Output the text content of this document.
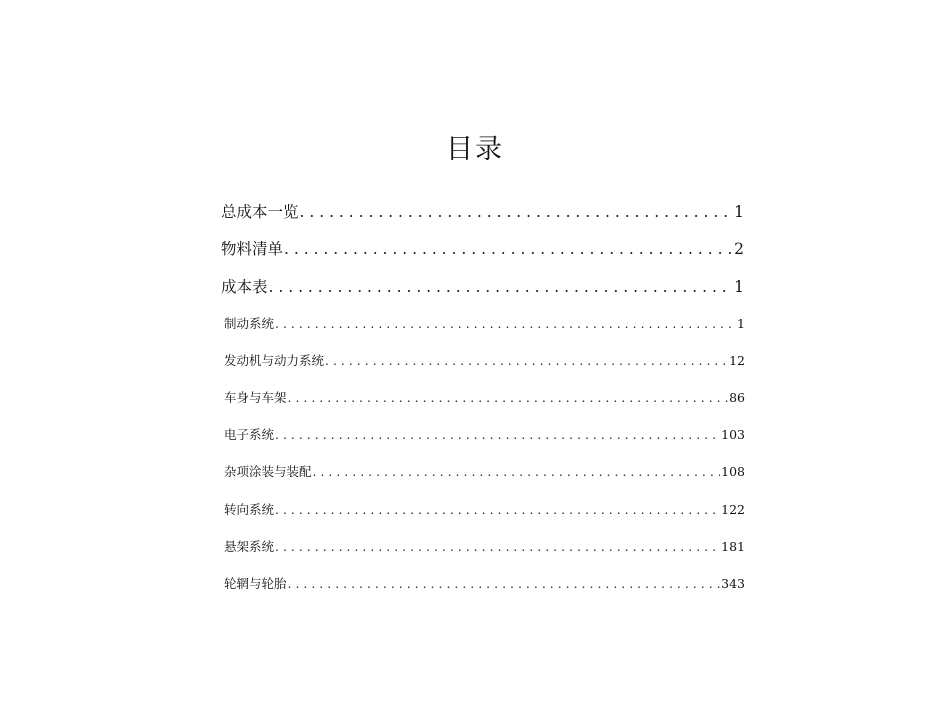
目录
总成本一览 . . .	1
物料清单 . . .	2
成本表 . . .	1
制动系统 . . .	1
发动机与动力系统 . . .	12
车身与车架 . . .	86
电子系统 . . .	103
杂项涂装与装配 . . .	108
转向系统 . . .	122
悬架系统 . . .	181
轮辋与轮胎 . . .	343
